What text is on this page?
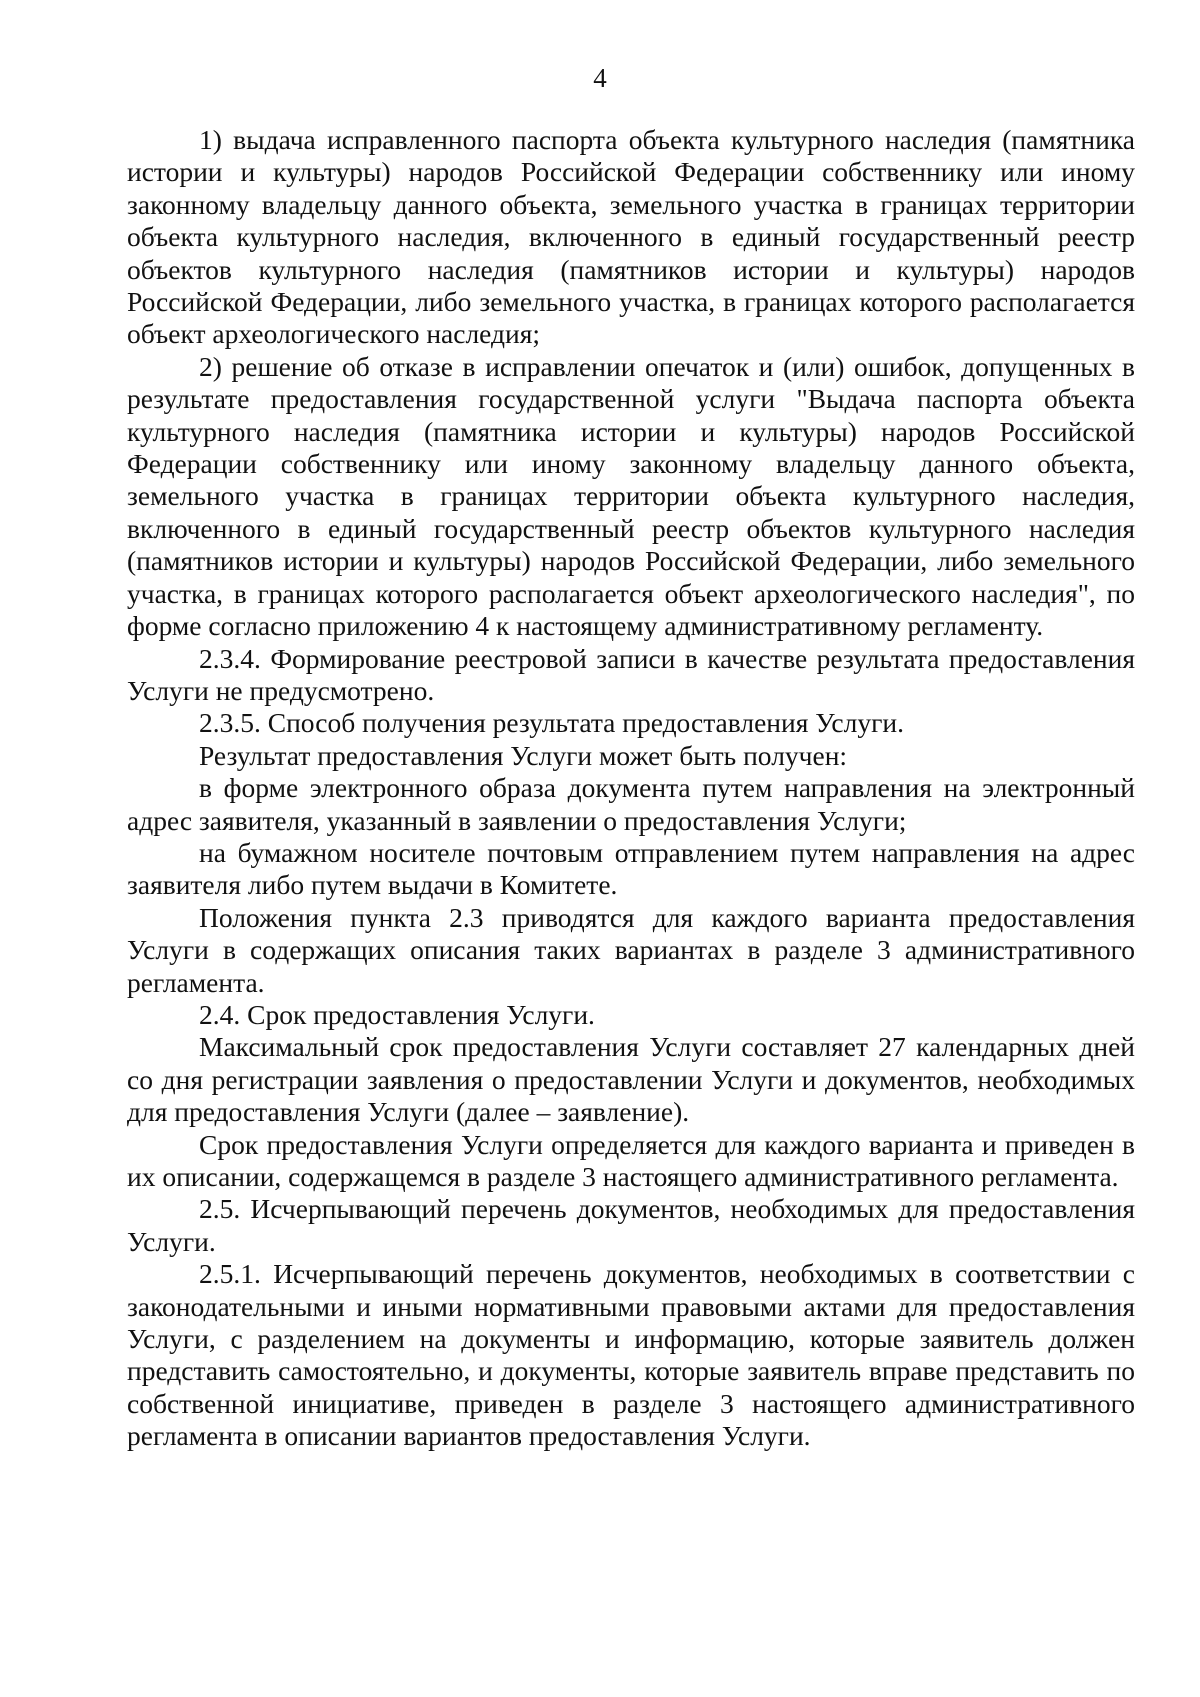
4

1) выдача исправленного паспорта объекта культурного наследия (памятника истории и культуры) народов Российской Федерации собственнику или иному законному владельцу данного объекта, земельного участка в границах территории объекта культурного наследия, включенного в единый государственный реестр объектов культурного наследия (памятников истории и культуры) народов Российской Федерации, либо земельного участка, в границах которого располагается объект археологического наследия;

2) решение об отказе в исправлении опечаток и (или) ошибок, допущенных в результате предоставления государственной услуги "Выдача паспорта объекта культурного наследия (памятника истории и культуры) народов Российской Федерации собственнику или иному законному владельцу данного объекта, земельного участка в границах территории объекта культурного наследия, включенного в единый государственный реестр объектов культурного наследия (памятников истории и культуры) народов Российской Федерации, либо земельного участка, в границах которого располагается объект археологического наследия", по форме согласно приложению 4 к настоящему административному регламенту.

2.3.4. Формирование реестровой записи в качестве результата предоставления Услуги не предусмотрено.

2.3.5. Способ получения результата предоставления Услуги.

Результат предоставления Услуги может быть получен:

в форме электронного образа документа путем направления на электронный адрес заявителя, указанный в заявлении о предоставления Услуги;

на бумажном носителе почтовым отправлением путем направления на адрес заявителя либо путем выдачи в Комитете.

Положения пункта 2.3 приводятся для каждого варианта предоставления Услуги в содержащих описания таких вариантах в разделе 3 административного регламента.

2.4. Срок предоставления Услуги.

Максимальный срок предоставления Услуги составляет 27 календарных дней со дня регистрации заявления о предоставлении Услуги и документов, необходимых для предоставления Услуги (далее – заявление).

Срок предоставления Услуги определяется для каждого варианта и приведен в их описании, содержащемся в разделе 3 настоящего административного регламента.

2.5. Исчерпывающий перечень документов, необходимых для предоставления Услуги.

2.5.1. Исчерпывающий перечень документов, необходимых в соответствии с законодательными и иными нормативными правовыми актами для предоставления Услуги, с разделением на документы и информацию, которые заявитель должен представить самостоятельно, и документы, которые заявитель вправе представить по собственной инициативе, приведен в разделе 3 настоящего административного регламента в описании вариантов предоставления Услуги.
